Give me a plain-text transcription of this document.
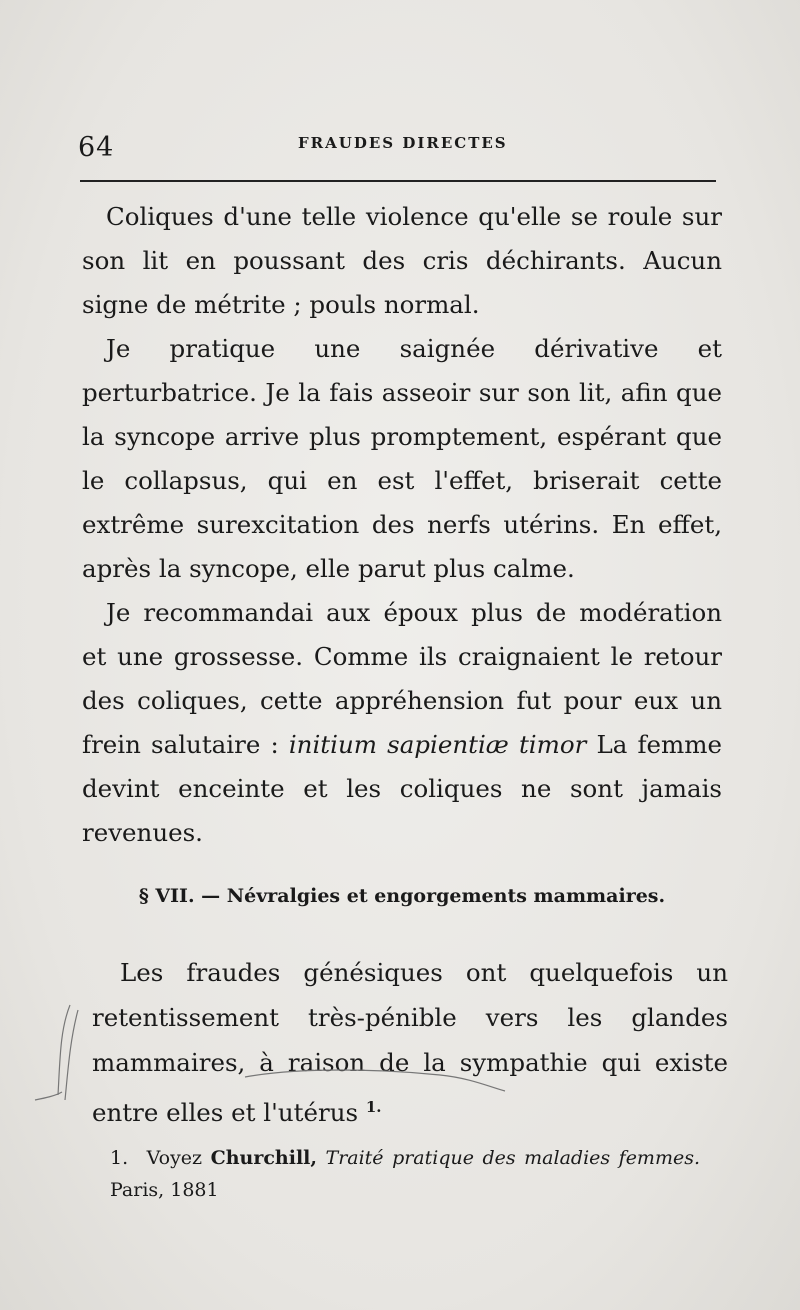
64	FRAUDES DIRECTES

Coliques d'une telle violence qu'elle se roule sur son lit en poussant des cris déchirants. Aucun signe de métrite ; pouls normal.

Je pratique une saignée dérivative et perturbatrice. Je la fais asseoir sur son lit, afin que la syncope arrive plus promptement, espérant que le collapsus, qui en est l'effet, briserait cette extrême surexcitation des nerfs utérins. En effet, après la syncope, elle parut plus calme.

Je recommandai aux époux plus de modération et une grossesse. Comme ils craignaient le retour des coliques, cette appréhension fut pour eux un frein salutaire : initium sapientiæ timor La femme devint enceinte et les coliques ne sont jamais revenues.

§ VII. — Névralgies et engorgements mammaires.

Les fraudes génésiques ont quelquefois un retentissement très-pénible vers les glandes mammaires, à raison de la sympathie qui existe entre elles et l'utérus $^{1.}$

1. Voyez Churchill, Traité pratique des maladies femmes. Paris, 1881
